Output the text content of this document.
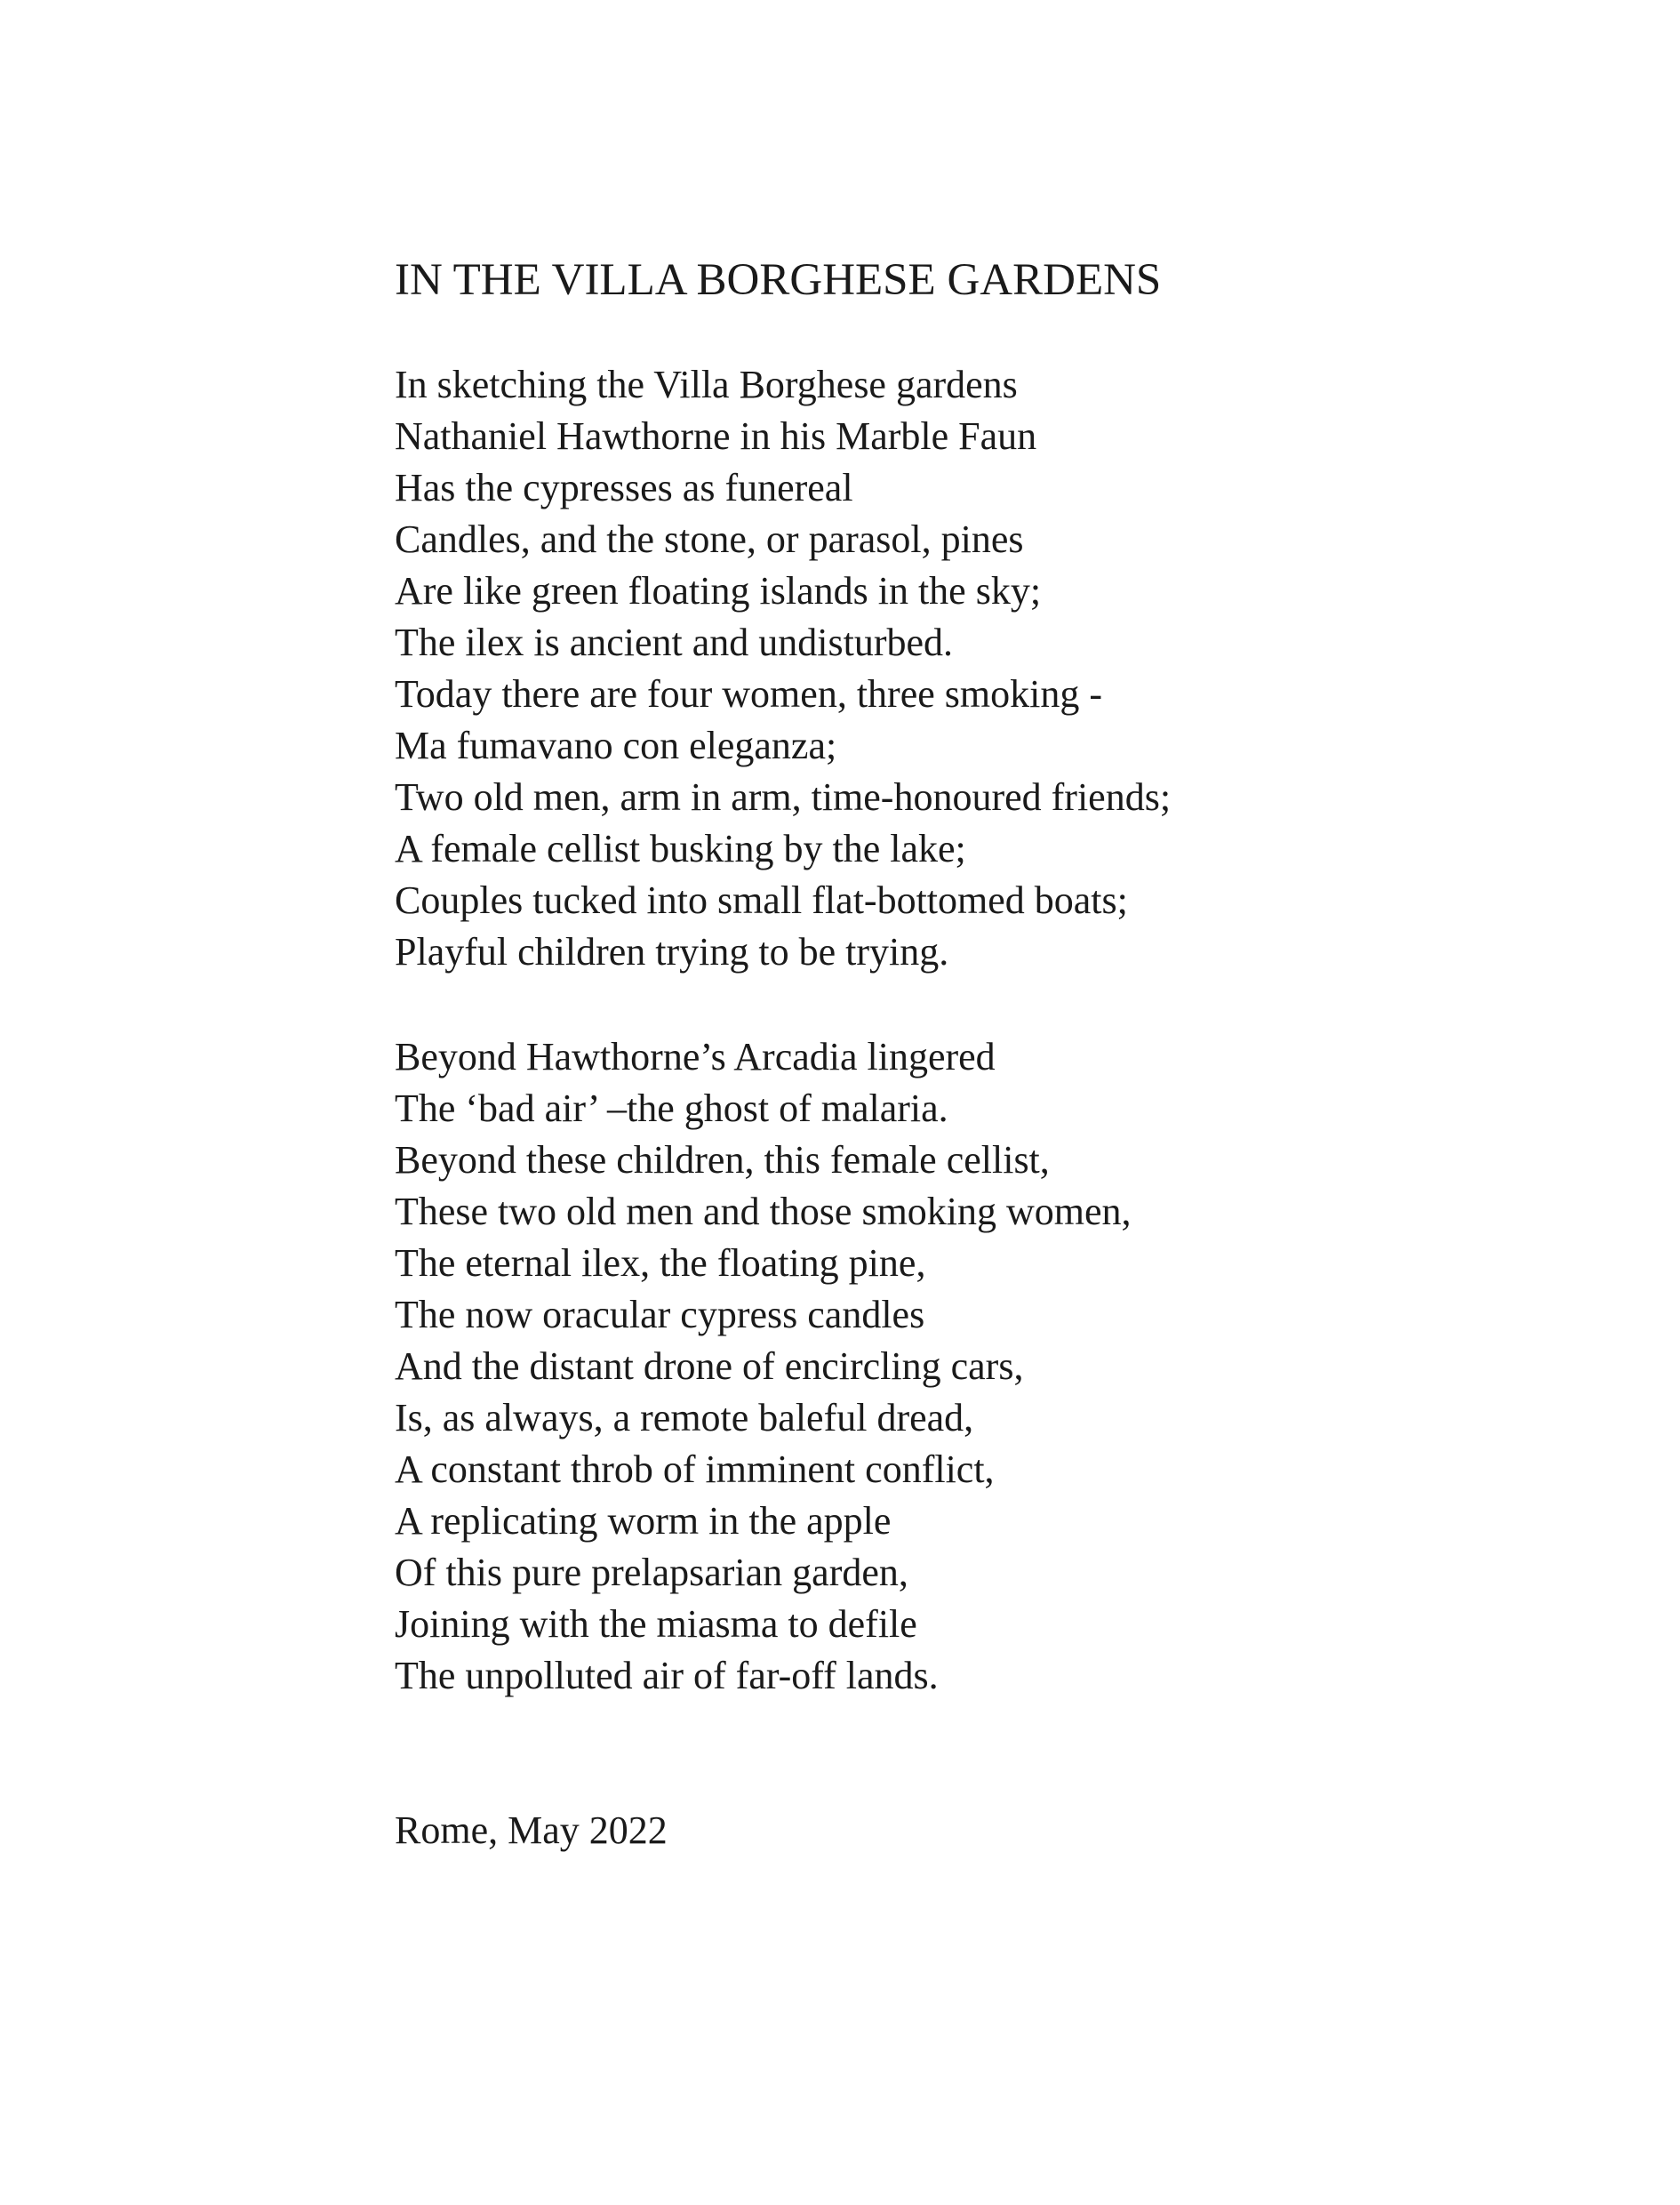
IN THE VILLA BORGHESE GARDENS
In sketching the Villa Borghese gardens
Nathaniel Hawthorne in his Marble Faun
Has the cypresses as funereal
Candles, and the stone, or parasol, pines
Are like green floating islands in the sky;
The ilex is ancient and undisturbed.
Today there are four women, three smoking -
Ma fumavano con eleganza;
Two old men, arm in arm, time-honoured friends;
A female cellist busking by the lake;
Couples tucked into small flat-bottomed boats;
Playful children trying to be trying.
Beyond Hawthorne’s Arcadia lingered
The ‘bad air’ –the ghost of malaria.
Beyond these children, this female cellist,
These two old men and those smoking women,
The eternal ilex, the floating pine,
The now oracular cypress candles
And the distant drone of encircling cars,
Is, as always, a remote baleful dread,
A constant throb of imminent conflict,
A replicating worm in the apple
Of this pure prelapsarian garden,
Joining with the miasma to defile
The unpolluted air of far-off lands.

Rome, May 2022
